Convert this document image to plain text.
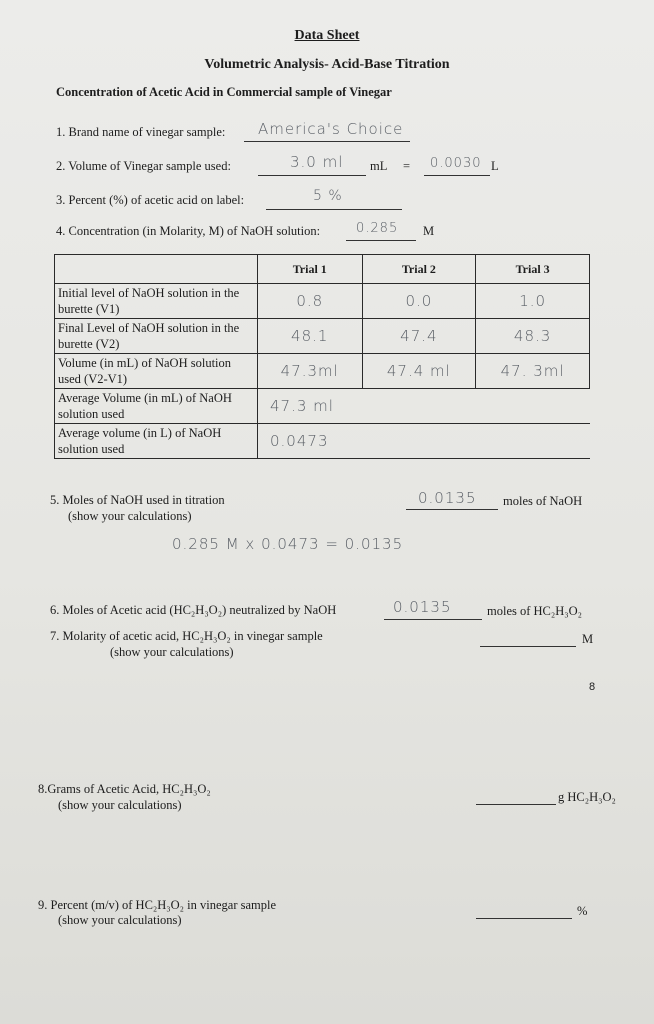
Data Sheet
Volumetric Analysis- Acid-Base Titration
Concentration of Acetic Acid in Commercial sample of Vinegar
1. Brand name of vinegar sample: America's Choice
2. Volume of Vinegar sample used:	3.0 ml mL = 0.0030 L
3. Percent (%) of acetic acid on label:	5 %
4. Concentration (in Molarity, M) of NaOH solution:	0.285 M
	Trial 1	Trial 2	Trial 3
Initial level of NaOH solution in the burette (V1)	0.8	0.0	1.0
Final Level of NaOH solution in the burette (V2)	48.1	47.4	48.3
Volume (in mL) of NaOH solution used (V2-V1)	47.3ml	47.4 ml	47. 3ml
Average Volume (in mL) of NaOH solution used	47.3 ml		
Average volume (in L) of NaOH solution used	0.0473		
5. Moles of NaOH used in titration
(show your calculations)
0.0135 moles of NaOH
0.285 M x 0.0473 = 0.0135
6. Moles of Acetic acid (HC₂H₃O₂) neutralized by NaOH	0.0135	moles of HC₂H₃O₂
7. Molarity of acetic acid, HC₂H₃O₂ in vinegar sample
(show your calculations)
M
8
8.Grams of Acetic Acid, HC₂H₃O₂
(show your calculations)
g HC₂H₃O₂
9. Percent (m/v) of HC₂H₃O₂ in vinegar sample
(show your calculations)
%
